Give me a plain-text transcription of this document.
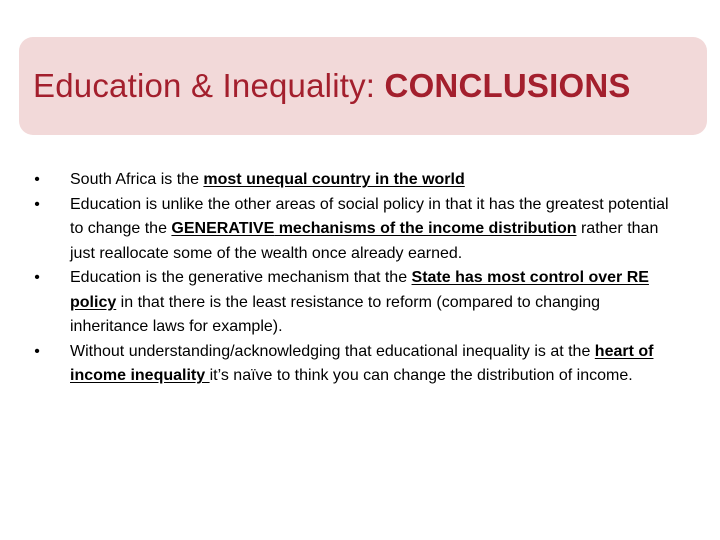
Education & Inequality: CONCLUSIONS
• South Africa is the most unequal country in the world
• Education is unlike the other areas of social policy in that it has the greatest potential to change the GENERATIVE mechanisms of the income distribution rather than just reallocate some of the wealth once already earned.
• Education is the generative mechanism that the State has most control over RE policy in that there is the least resistance to reform (compared to changing inheritance laws for example).
• Without understanding/acknowledging that educational inequality is at the heart of income inequality it’s naïve to think you can change the distribution of income.
